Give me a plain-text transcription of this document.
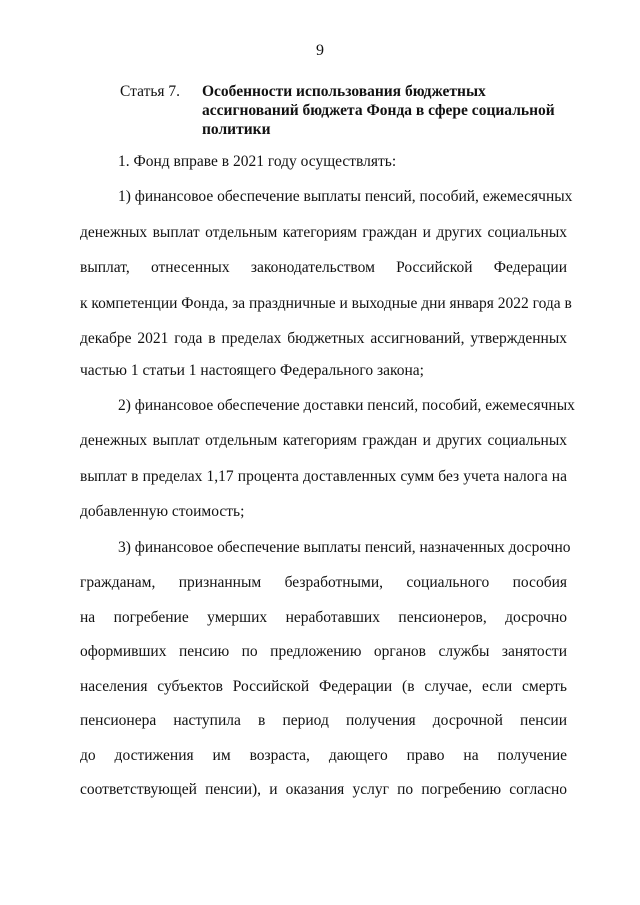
9
Статья 7.	Особенности использования бюджетных
ассигнований бюджета Фонда в сфере социальной
политики
1. Фонд вправе в 2021 году осуществлять:
1) финансовое обеспечение выплаты пенсий, пособий, ежемесячных
денежных выплат отдельным категориям граждан и других социальных
выплат, отнесенных законодательством Российской Федерации
к компетенции Фонда, за праздничные и выходные дни января 2022 года в
декабре 2021 года в пределах бюджетных ассигнований, утвержденных
частью 1 статьи 1 настоящего Федерального закона;
2) финансовое обеспечение доставки пенсий, пособий, ежемесячных
денежных выплат отдельным категориям граждан и других социальных
выплат в пределах 1,17 процента доставленных сумм без учета налога на
добавленную стоимость;
3) финансовое обеспечение выплаты пенсий, назначенных досрочно
гражданам, признанным безработными, социального пособия
на погребение умерших неработавших пенсионеров, досрочно
оформивших пенсию по предложению органов службы занятости
населения субъектов Российской Федерации (в случае, если смерть
пенсионера наступила в период получения досрочной пенсии
до достижения им возраста, дающего право на получение
соответствующей пенсии), и оказания услуг по погребению согласно
